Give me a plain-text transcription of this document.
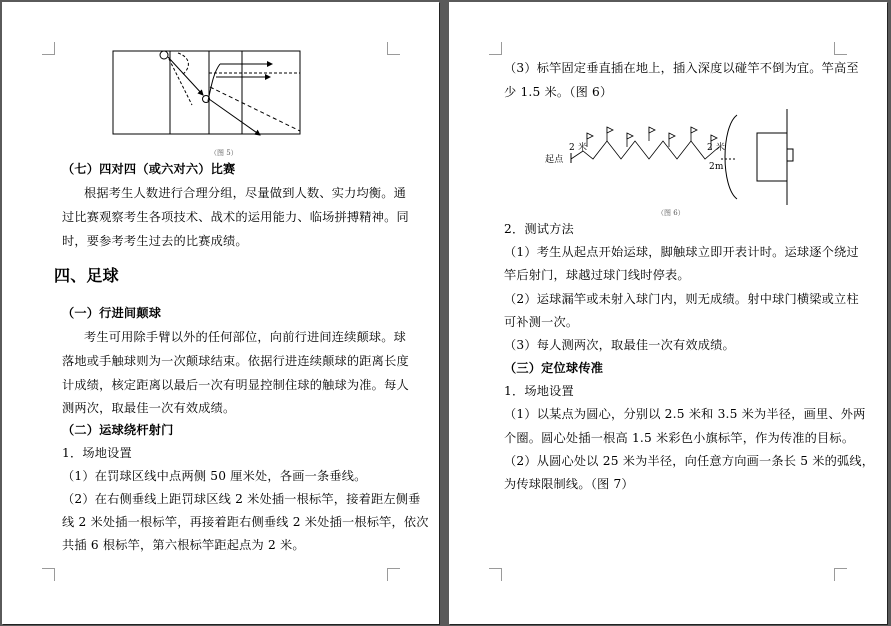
（图 5）
（七）四对四（或六对六）比赛
根据考生人数进行合理分组，尽量做到人数、实力均衡。通
过比赛观察考生各项技术、战术的运用能力、临场拼搏精神。同
时，要参考考生过去的比赛成绩。
四、足球
（一）行进间颠球
考生可用除手臂以外的任何部位，向前行进间连续颠球。球
落地或手触球则为一次颠球结束。依据行进连续颠球的距离长度
计成绩，核定距离以最后一次有明显控制住球的触球为准。每人
测两次，取最佳一次有效成绩。
（二）运球绕杆射门
1．场地设置
（1）在罚球区线中点两侧 50 厘米处，各画一条垂线。
（2）在右侧垂线上距罚球区线 2 米处插一根标竿，接着距左侧垂
线 2 米处插一根标竿，再接着距右侧垂线 2 米处插一根标竿，依次
共插 6 根标竿，第六根标竿距起点为 2 米。
（3）标竿固定垂直插在地上，插入深度以碰竿不倒为宜。竿高至
少 1.5 米。（图 6）
2 米	2 米
2m
起点
（图 6）
2．测试方法
（1）考生从起点开始运球，脚触球立即开表计时。运球逐个绕过
竿后射门，球越过球门线时停表。
（2）运球漏竿或未射入球门内，则无成绩。射中球门横梁或立柱
可补测一次。
（3）每人测两次，取最佳一次有效成绩。
（三）定位球传准
1．场地设置
（1）以某点为圆心，分别以 2.5 米和 3.5 米为半径，画里、外两
个圈。圆心处插一根高 1.5 米彩色小旗标竿，作为传准的目标。
（2）从圆心处以 25 米为半径，向任意方向画一条长 5 米的弧线，
为传球限制线。（图 7）
